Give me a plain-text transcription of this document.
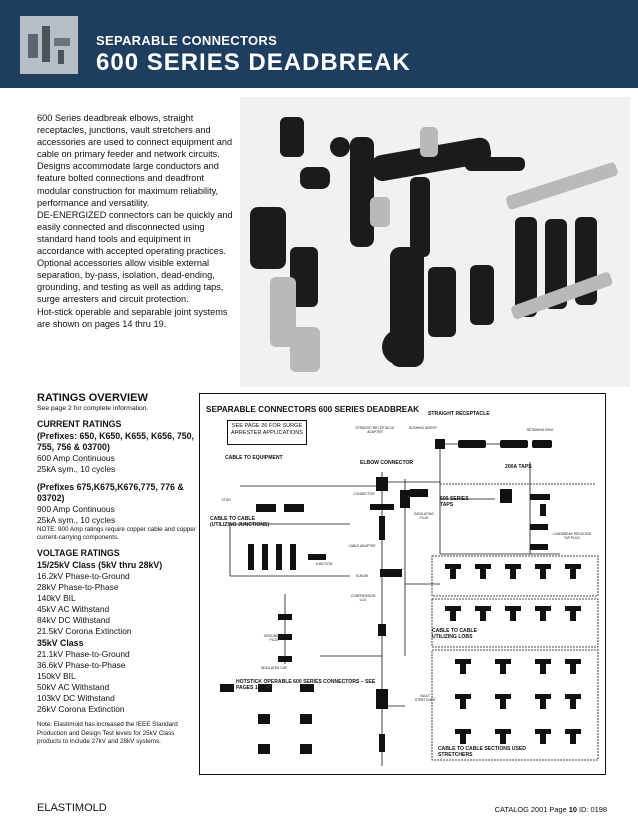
SEPARABLE CONNECTORS
600 SERIES DEADBREAK

600 Series deadbreak elbows, straight receptacles, junctions, vault stretchers and accessories are used to connect equipment and cable on primary feeder and network circuits. Designs accommodate large conductors and feature bolted connections and deadfront modular construction for maximum reliability, performance and versatility.

DE-ENERGIZED connectors can be quickly and easily connected and disconnected using standard hand tools and equipment in accordance with accepted operating practices. Optional accessories allow visible external separation, by-pass, isolation, dead-ending, grounding, and testing as well as adding taps, surge arresters and circuit protection.

Hot-stick operable and separable joint systems are shown on pages 14 thru 19.

RATINGS OVERVIEW
See page 2 for complete information.
CURRENT RATINGS
(Prefixes: 650, K650, K655, K656, 750, 755, 756 & 03700)
600 Amp Continuous
25kA sym., 10 cycles
(Prefixes 675,K675,K676,775, 776 & 03702)
900 Amp Continuous
25kA sym., 10 cycles
NOTE: 900 Amp ratings require copper cable and copper current-carrying components.
VOLTAGE RATINGS
15/25kV Class (5kV thru 28kV)
16.2kV Phase-to-Ground
28kV Phase-to-Phase
140kV BIL
45kV AC Withstand
84kV DC Withstand
21.5kV Corona Extinction
35kV Class
21.1kV Phase-to-Ground
36.6kV Phase-to-Phase
150kV BIL
50kV AC Withstand
103kV DC Withstand
26kV Corona Extinction
Note: Elastimold has increased the IEEE Standard Production and Design Test levels for 25kV Class products to include 27kV and 28kV systems.
SEPARABLE CONNECTORS 600 SERIES DEADBREAK
SEE PAGE 26 FOR SURGE ARRESTER APPLICATIONS
STRAIGHT RECEPTACLE
CABLE TO EQUIPMENT
ELBOW CONNECTOR
200A TAPS
CABLE TO CABLE (UTILIZING JUNCTIONS)
600 SERIES TAPS
CABLE TO CABLE UTILIZING LOBS
HOTSTICK OPERABLE 600 SERIES CONNECTORS – SEE PAGES 14 - 17
CABLE TO CABLE SECTIONS USED STRETCHERS
STRAIGHT RECEPTACLE ADAPTER
BUSHING INSERT	RETAINING RING
CONNECTOR
CABLE ADAPTER
INSULATING PLUG
GROUNDING PLUG
INSULATED CAP
COMPRESSION LUG
JUNCTION
LOADBREAK REDUCING TAP PLUG
STUD
VAULT STRETCHER
ELBOW
ELASTIMOLD	CATALOG 2001 Page 10 ID: 0198
